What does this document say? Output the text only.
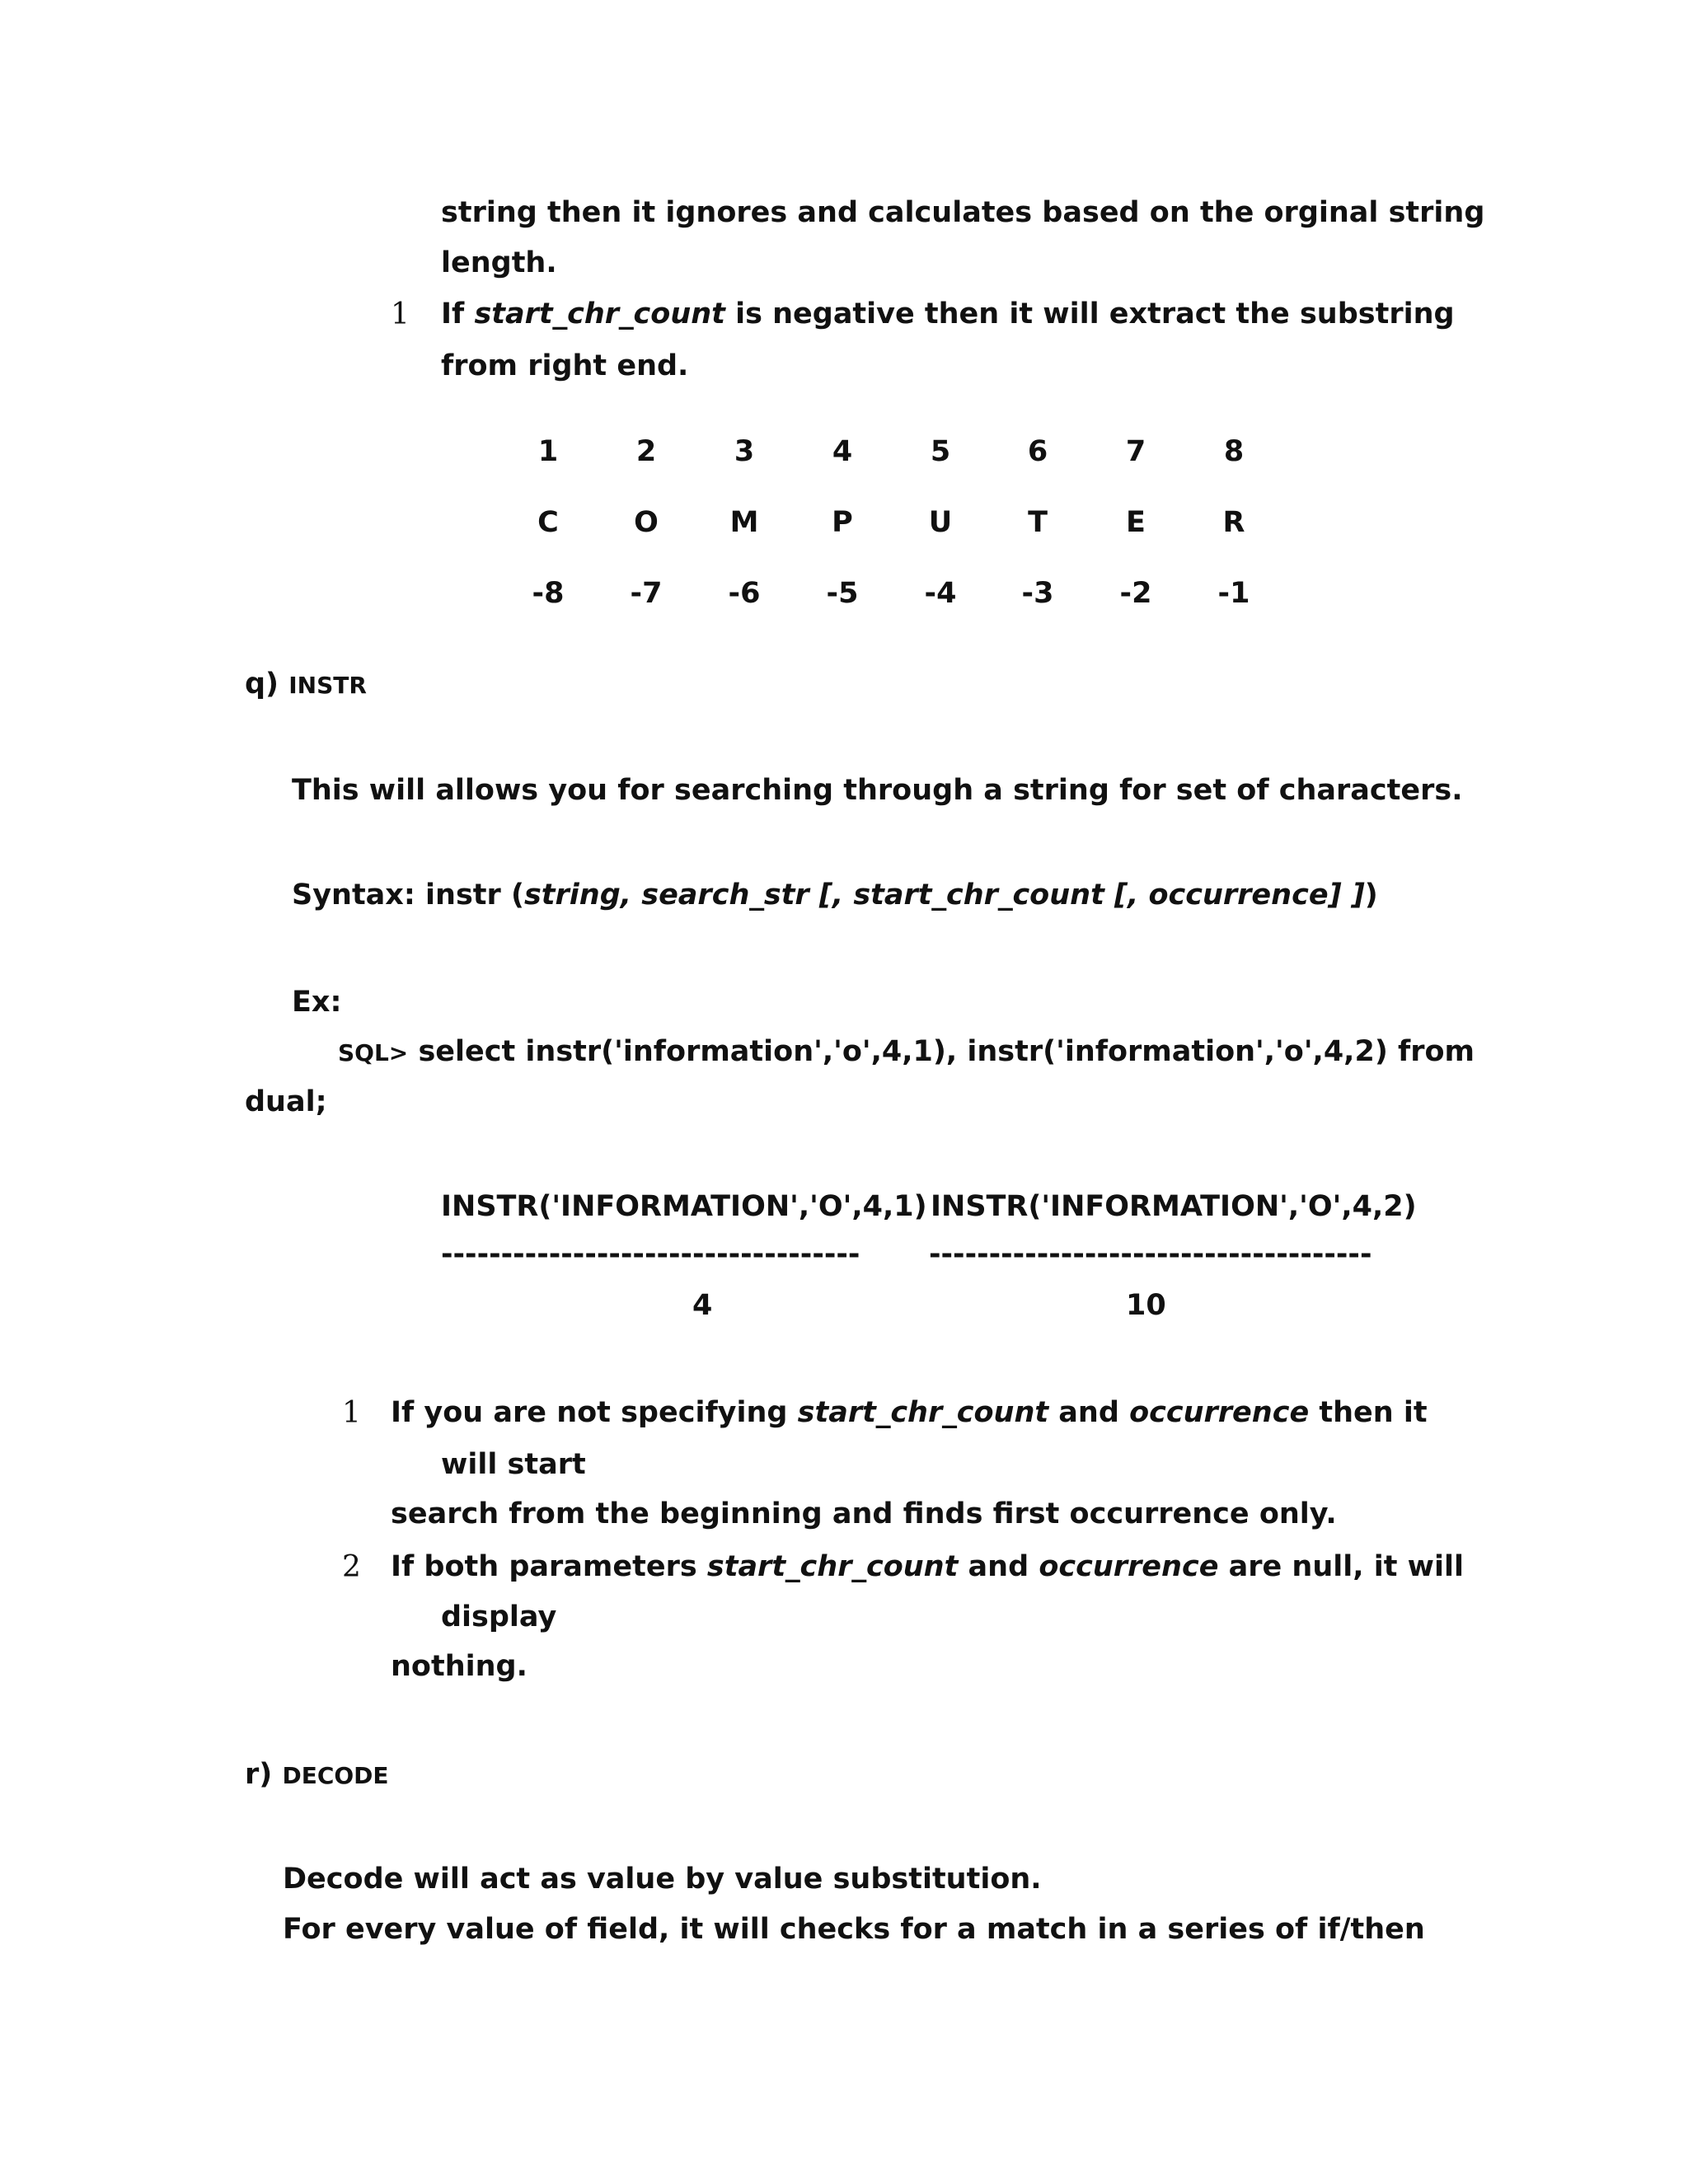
string then it ignores and calculates based on the orginal string
length.
1 If start_chr_count is negative then it will extract the substring
from right end.
1	2	3	4	5	6	7	8
C	O M	P	U	T	E	R
-8 -7 -6 -5 -4 -3 -2 -1
q) INSTR
This will allows you for searching through a string for set of characters.
Syntax: instr (string, search_str [, start_chr_count [, occurrence] ])
Ex:
SQL> select instr('information','o',4,1), instr('information','o',4,2) from
dual;
INSTR('INFORMATION','O',4,1) INSTR('INFORMATION','O',4,2)
----------------------------------- -------------------------------------
4	10
1 If you are not specifying start_chr_count and occurrence then it
will start
search from the beginning and finds first occurrence only.
2 If both parameters start_chr_count and occurrence are null, it will
display
nothing.
r) DECODE
Decode will act as value by value substitution.
For every value of field, it will checks for a match in a series of if/then
